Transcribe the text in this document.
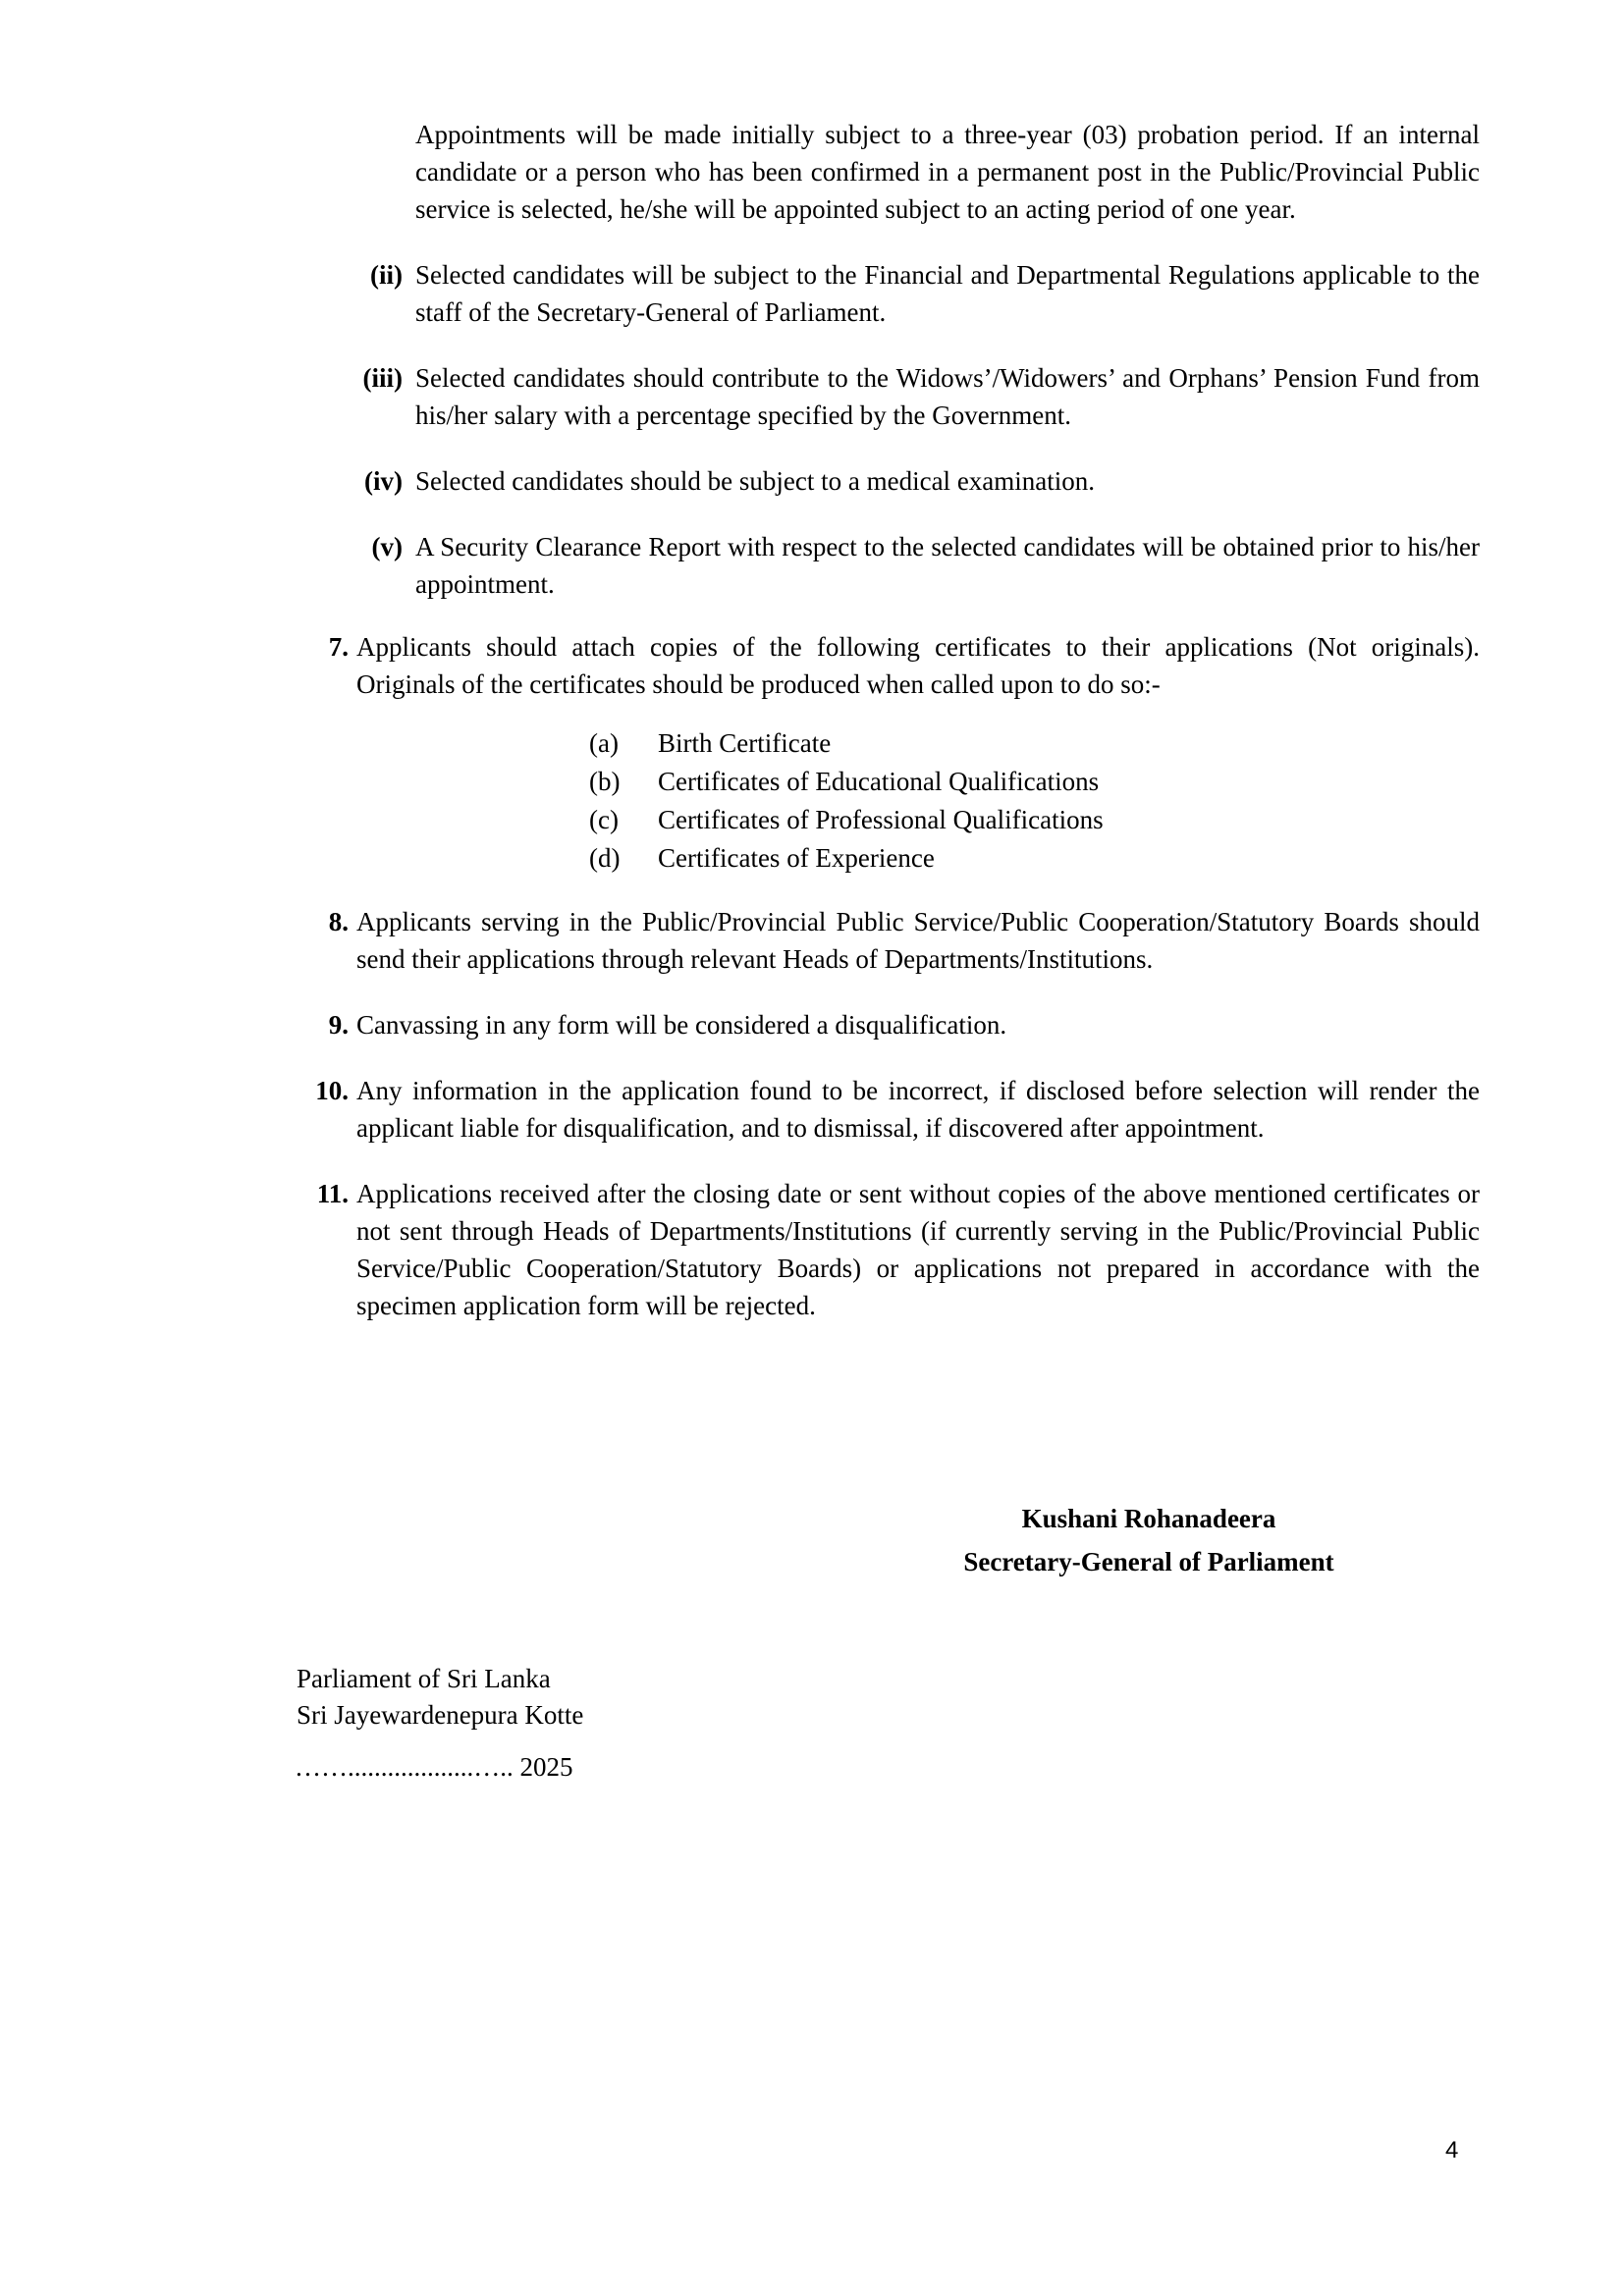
Appointments will be made initially subject to a three-year (03) probation period. If an internal candidate or a person who has been confirmed in a permanent post in the Public/Provincial Public service is selected, he/she will be appointed subject to an acting period of one year.
(ii) Selected candidates will be subject to the Financial and Departmental Regulations applicable to the staff of the Secretary-General of Parliament.
(iii) Selected candidates should contribute to the Widows’/Widowers’ and Orphans’ Pension Fund from his/her salary with a percentage specified by the Government.
(iv) Selected candidates should be subject to a medical examination.
(v) A Security Clearance Report with respect to the selected candidates will be obtained prior to his/her appointment.
7. Applicants should attach copies of the following certificates to their applications (Not originals). Originals of the certificates should be produced when called upon to do so:-
(a)	Birth Certificate
(b)	Certificates of Educational Qualifications
(c)	Certificates of Professional Qualifications
(d)	Certificates of Experience
8. Applicants serving in the Public/Provincial Public Service/Public Cooperation/Statutory Boards should send their applications through relevant Heads of Departments/Institutions.
9. Canvassing in any form will be considered a disqualification.
10. Any information in the application found to be incorrect, if disclosed before selection will render the applicant liable for disqualification, and to dismissal, if discovered after appointment.
11. Applications received after the closing date or sent without copies of the above mentioned certificates or not sent through Heads of Departments/Institutions (if currently serving in the Public/Provincial Public Service/Public Cooperation/Statutory Boards) or applications not prepared in accordance with the specimen application form will be rejected.
Kushani Rohanadeera
Secretary-General of Parliament
Parliament of Sri Lanka
Sri Jayewardenepura Kotte
……...................….. 2025
4
